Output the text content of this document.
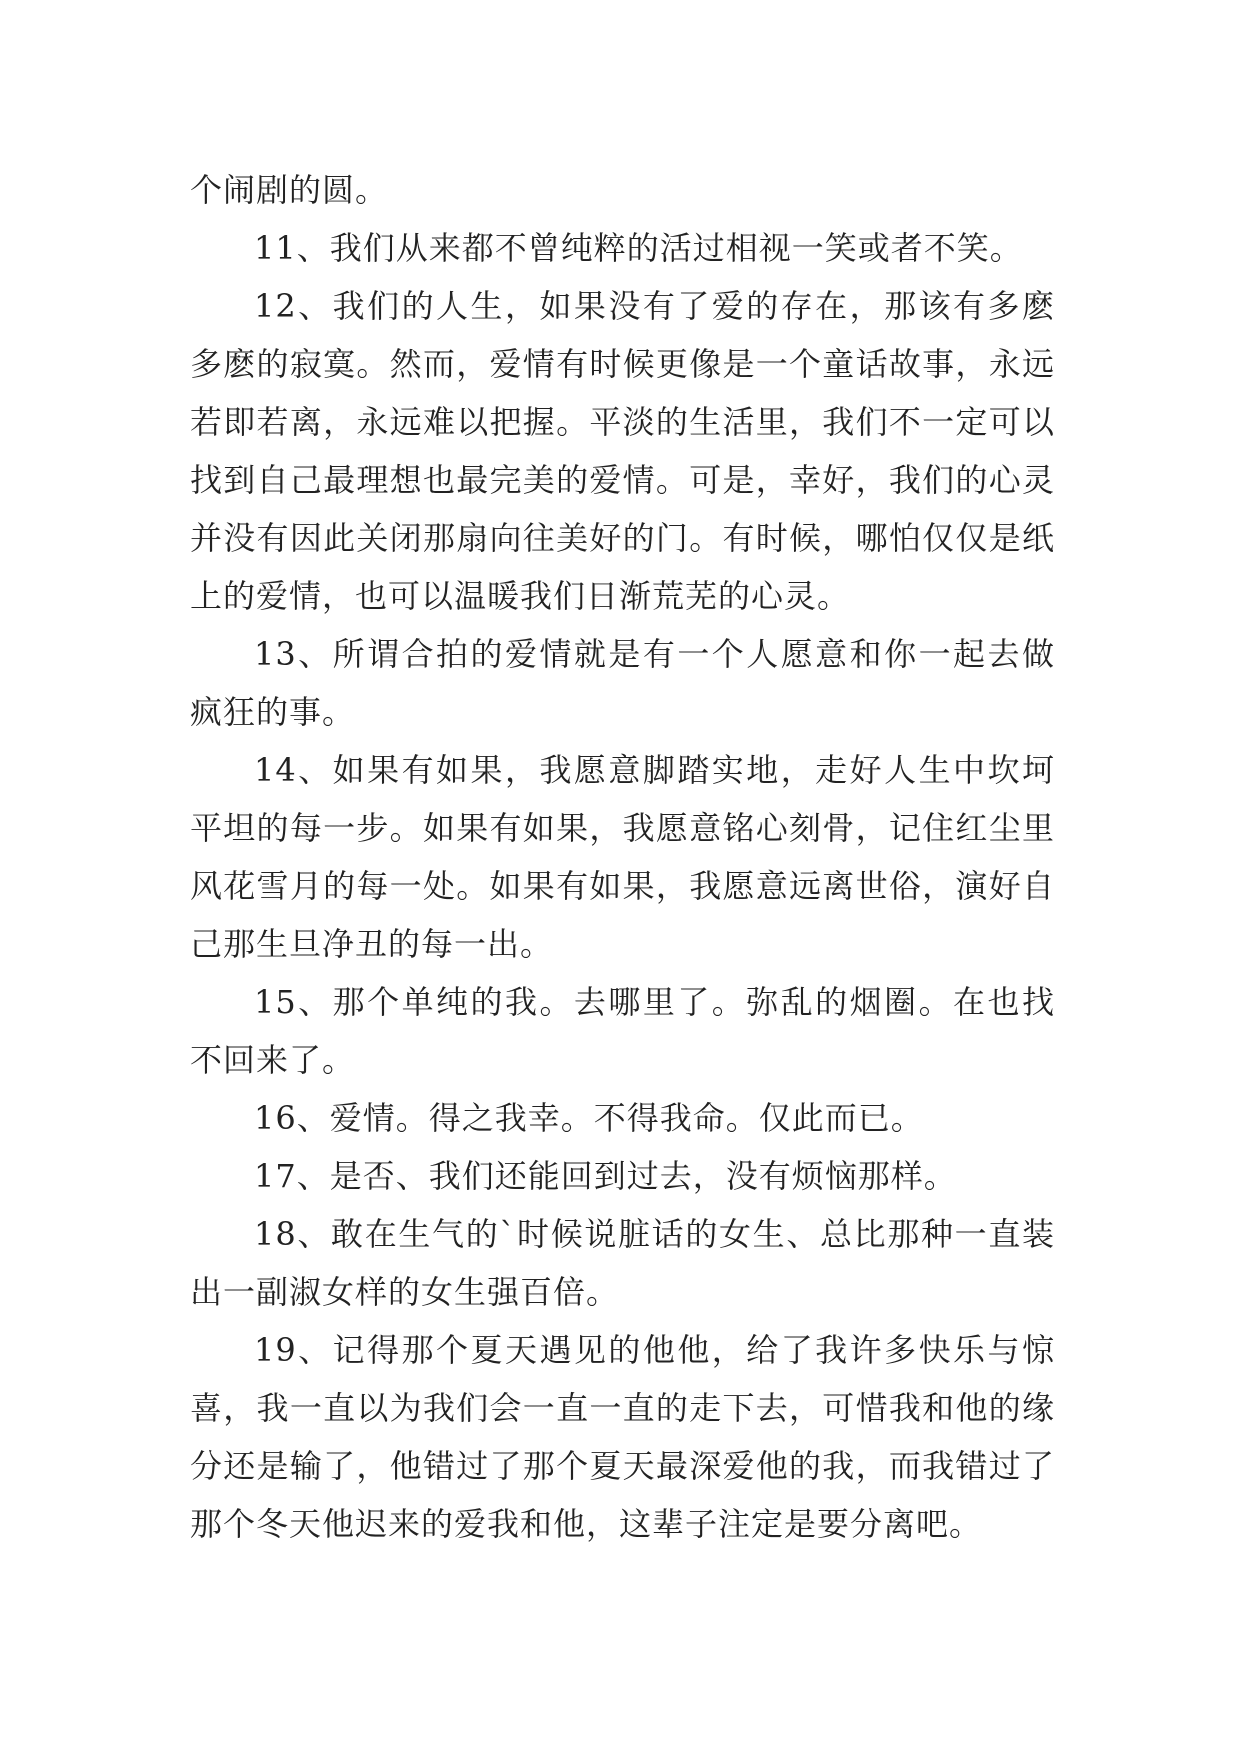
个闹剧的圆。

11、我们从来都不曾纯粹的活过相视一笑或者不笑。

12、我们的人生，如果没有了爱的存在，那该有多麽多麽的寂寞。然而，爱情有时候更像是一个童话故事，永远若即若离，永远难以把握。平淡的生活里，我们不一定可以找到自己最理想也最完美的爱情。可是，幸好，我们的心灵并没有因此关闭那扇向往美好的门。有时候，哪怕仅仅是纸上的爱情，也可以温暖我们日渐荒芜的心灵。

13、所谓合拍的爱情就是有一个人愿意和你一起去做疯狂的事。

14、如果有如果，我愿意脚踏实地，走好人生中坎坷平坦的每一步。如果有如果，我愿意铭心刻骨，记住红尘里风花雪月的每一处。如果有如果，我愿意远离世俗，演好自己那生旦净丑的每一出。

15、那个单纯的我。去哪里了。弥乱的烟圈。在也找不回来了。

16、爱情。得之我幸。不得我命。仅此而已。

17、是否、我们还能回到过去，没有烦恼那样。

18、敢在生气的`时候说脏话的女生、总比那种一直装出一副淑女样的女生强百倍。

19、记得那个夏天遇见的他他，给了我许多快乐与惊喜，我一直以为我们会一直一直的走下去，可惜我和他的缘分还是输了，他错过了那个夏天最深爱他的我，而我错过了那个冬天他迟来的爱我和他，这辈子注定是要分离吧。
